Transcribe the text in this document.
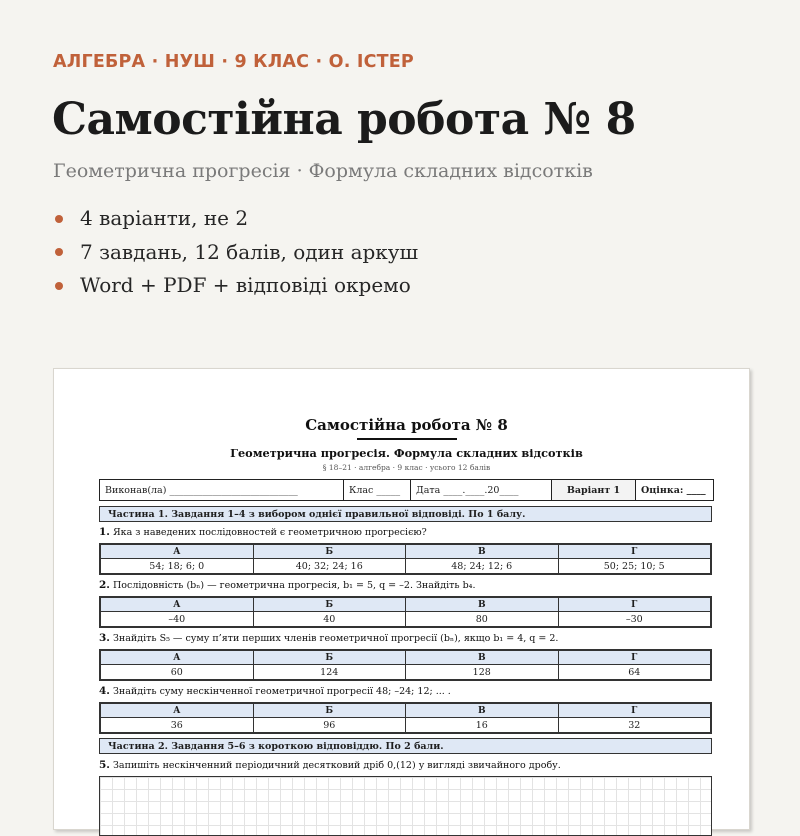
АЛГЕБРА · НУШ · 9 КЛАС · О. ІСТЕР
Самостійна робота № 8
Геометрична прогресія · Формула складних відсотків
4 варіанти, не 2
7 завдань, 12 балів, один аркуш
Word + PDF + відповіді окремо
Самостійна робота № 8
Геометрична прогресія. Формула складних відсотків
§ 18–21 · алгебра · 9 клас · усього 12 балів
Виконав(ла) ___________________________	Клас _____	Дата ____.____.20____	Варіант 1	Оцінка: ____
Частина 1. Завдання 1–4 з вибором однієї правильної відповіді. По 1 балу.
1. Яка з наведених послідовностей є геометричною прогресією?
А	Б	В	Г
54; 18; 6; 0	40; 32; 24; 16	48; 24; 12; 6	50; 25; 10; 5
2. Послідовність (bₙ) — геометрична прогресія, b₁ = 5, q = –2. Знайдіть b₄.
А	Б	В	Г
–40	40	80	–30
3. Знайдіть S₅ — суму п’яти перших членів геометричної прогресії (bₙ), якщо b₁ = 4, q = 2.
А	Б	В	Г
60	124	128	64
4. Знайдіть суму нескінченної геометричної прогресії 48; –24; 12; ... .
А	Б	В	Г
36	96	16	32
Частина 2. Завдання 5–6 з короткою відповіддю. По 2 бали.
5. Запишіть нескінченний періодичний десятковий дріб 0,(12) у вигляді звичайного дробу.
